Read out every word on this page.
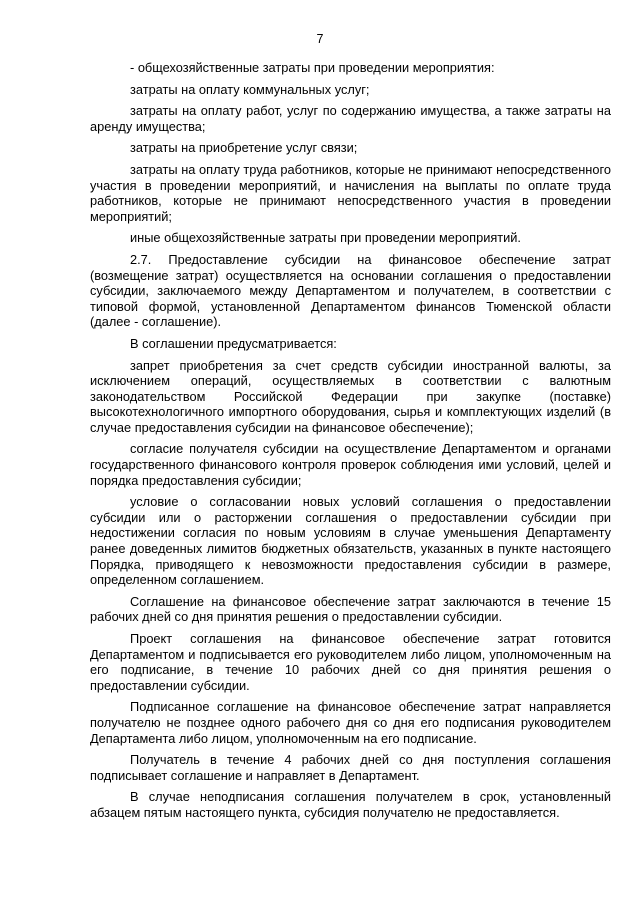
7

- общехозяйственные затраты при проведении мероприятия:

затраты на оплату коммунальных услуг;

затраты на оплату работ, услуг по содержанию имущества, а также затраты на аренду имущества;

затраты на приобретение услуг связи;

затраты на оплату труда работников, которые не принимают непосредственного участия в проведении мероприятий, и начисления на выплаты по оплате труда работников, которые не принимают непосредственного участия в проведении мероприятий;

иные общехозяйственные затраты при проведении мероприятий.

2.7. Предоставление субсидии на финансовое обеспечение затрат (возмещение затрат) осуществляется на основании соглашения о предоставлении субсидии, заключаемого между Департаментом и получателем, в соответствии с типовой формой, установленной Департаментом финансов Тюменской области (далее - соглашение).

В соглашении предусматривается:

запрет приобретения за счет средств субсидии иностранной валюты, за исключением операций, осуществляемых в соответствии с валютным законодательством Российской Федерации при закупке (поставке) высокотехнологичного импортного оборудования, сырья и комплектующих изделий (в случае предоставления субсидии на финансовое обеспечение);

согласие получателя субсидии на осуществление Департаментом и органами государственного финансового контроля проверок соблюдения ими условий, целей и порядка предоставления субсидии;

условие о согласовании новых условий соглашения о предоставлении субсидии или о расторжении соглашения о предоставлении субсидии при недостижении согласия по новым условиям в случае уменьшения Департаменту ранее доведенных лимитов бюджетных обязательств, указанных в пункте настоящего Порядка, приводящего к невозможности предоставления субсидии в размере, определенном соглашением.

Соглашение на финансовое обеспечение затрат заключаются в течение 15 рабочих дней со дня принятия решения о предоставлении субсидии.

Проект соглашения на финансовое обеспечение затрат готовится Департаментом и подписывается его руководителем либо лицом, уполномоченным на его подписание, в течение 10 рабочих дней со дня принятия решения о предоставлении субсидии.

Подписанное соглашение на финансовое обеспечение затрат направляется получателю не позднее одного рабочего дня со дня его подписания руководителем Департамента либо лицом, уполномоченным на его подписание.

Получатель в течение 4 рабочих дней со дня поступления соглашения подписывает соглашение и направляет в Департамент.

В случае неподписания соглашения получателем в срок, установленный абзацем пятым настоящего пункта, субсидия получателю не предоставляется.
